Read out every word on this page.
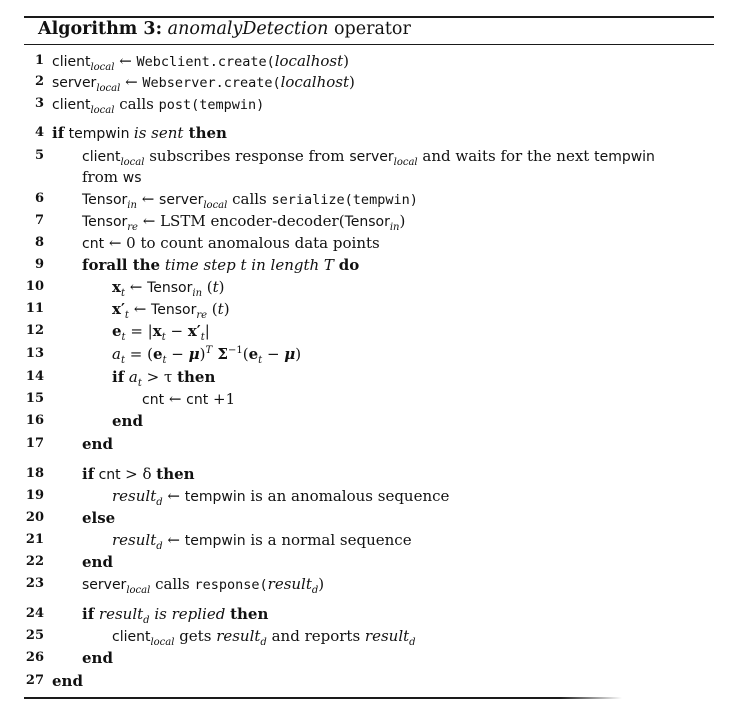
Algorithm 3: anomalyDetection operator
1 client$_{local}$ ← Webclient.create(localhost)
2 server$_{local}$ ← Webserver.create(localhost)
3 client$_{local}$ calls post(tempwin)
4 if tempwin is sent then
5	client$_{local}$ subscribes response from server$_{local}$ and waits for the next tempwin
from ws
6	Tensor$_{in}$ ← server$_{local}$ calls serialize(tempwin)
7	Tensor$_{re}$ ← LSTM encoder-decoder(Tensor$_{in}$)
8	cnt ← 0 to count anomalous data points
9	forall the time step t in length T do
10	$x_t$ ← Tensor$_{in}$ (t)
11	$x'_t$ ← Tensor$_{re}$ (t)
12	$e_t = |x_t - x'_t|$
13	$a_t = (e_t - \mu)^T$ $\Sigma^{-1}(e_t - \mu)$
14	if $a_t > \tau$ then
15	cnt ← cnt +1
16	end
17	end
18	if cnt > δ then
19	result$_d$ ← tempwin is an anomalous sequence
20	else
21	result$_d$ ← tempwin is a normal sequence
22	end
23	server$_{local}$ calls response(result$_d$)
24	if result$_d$ is replied then
25	client$_{local}$ gets result$_d$ and reports result$_d$
26	end
27 end
